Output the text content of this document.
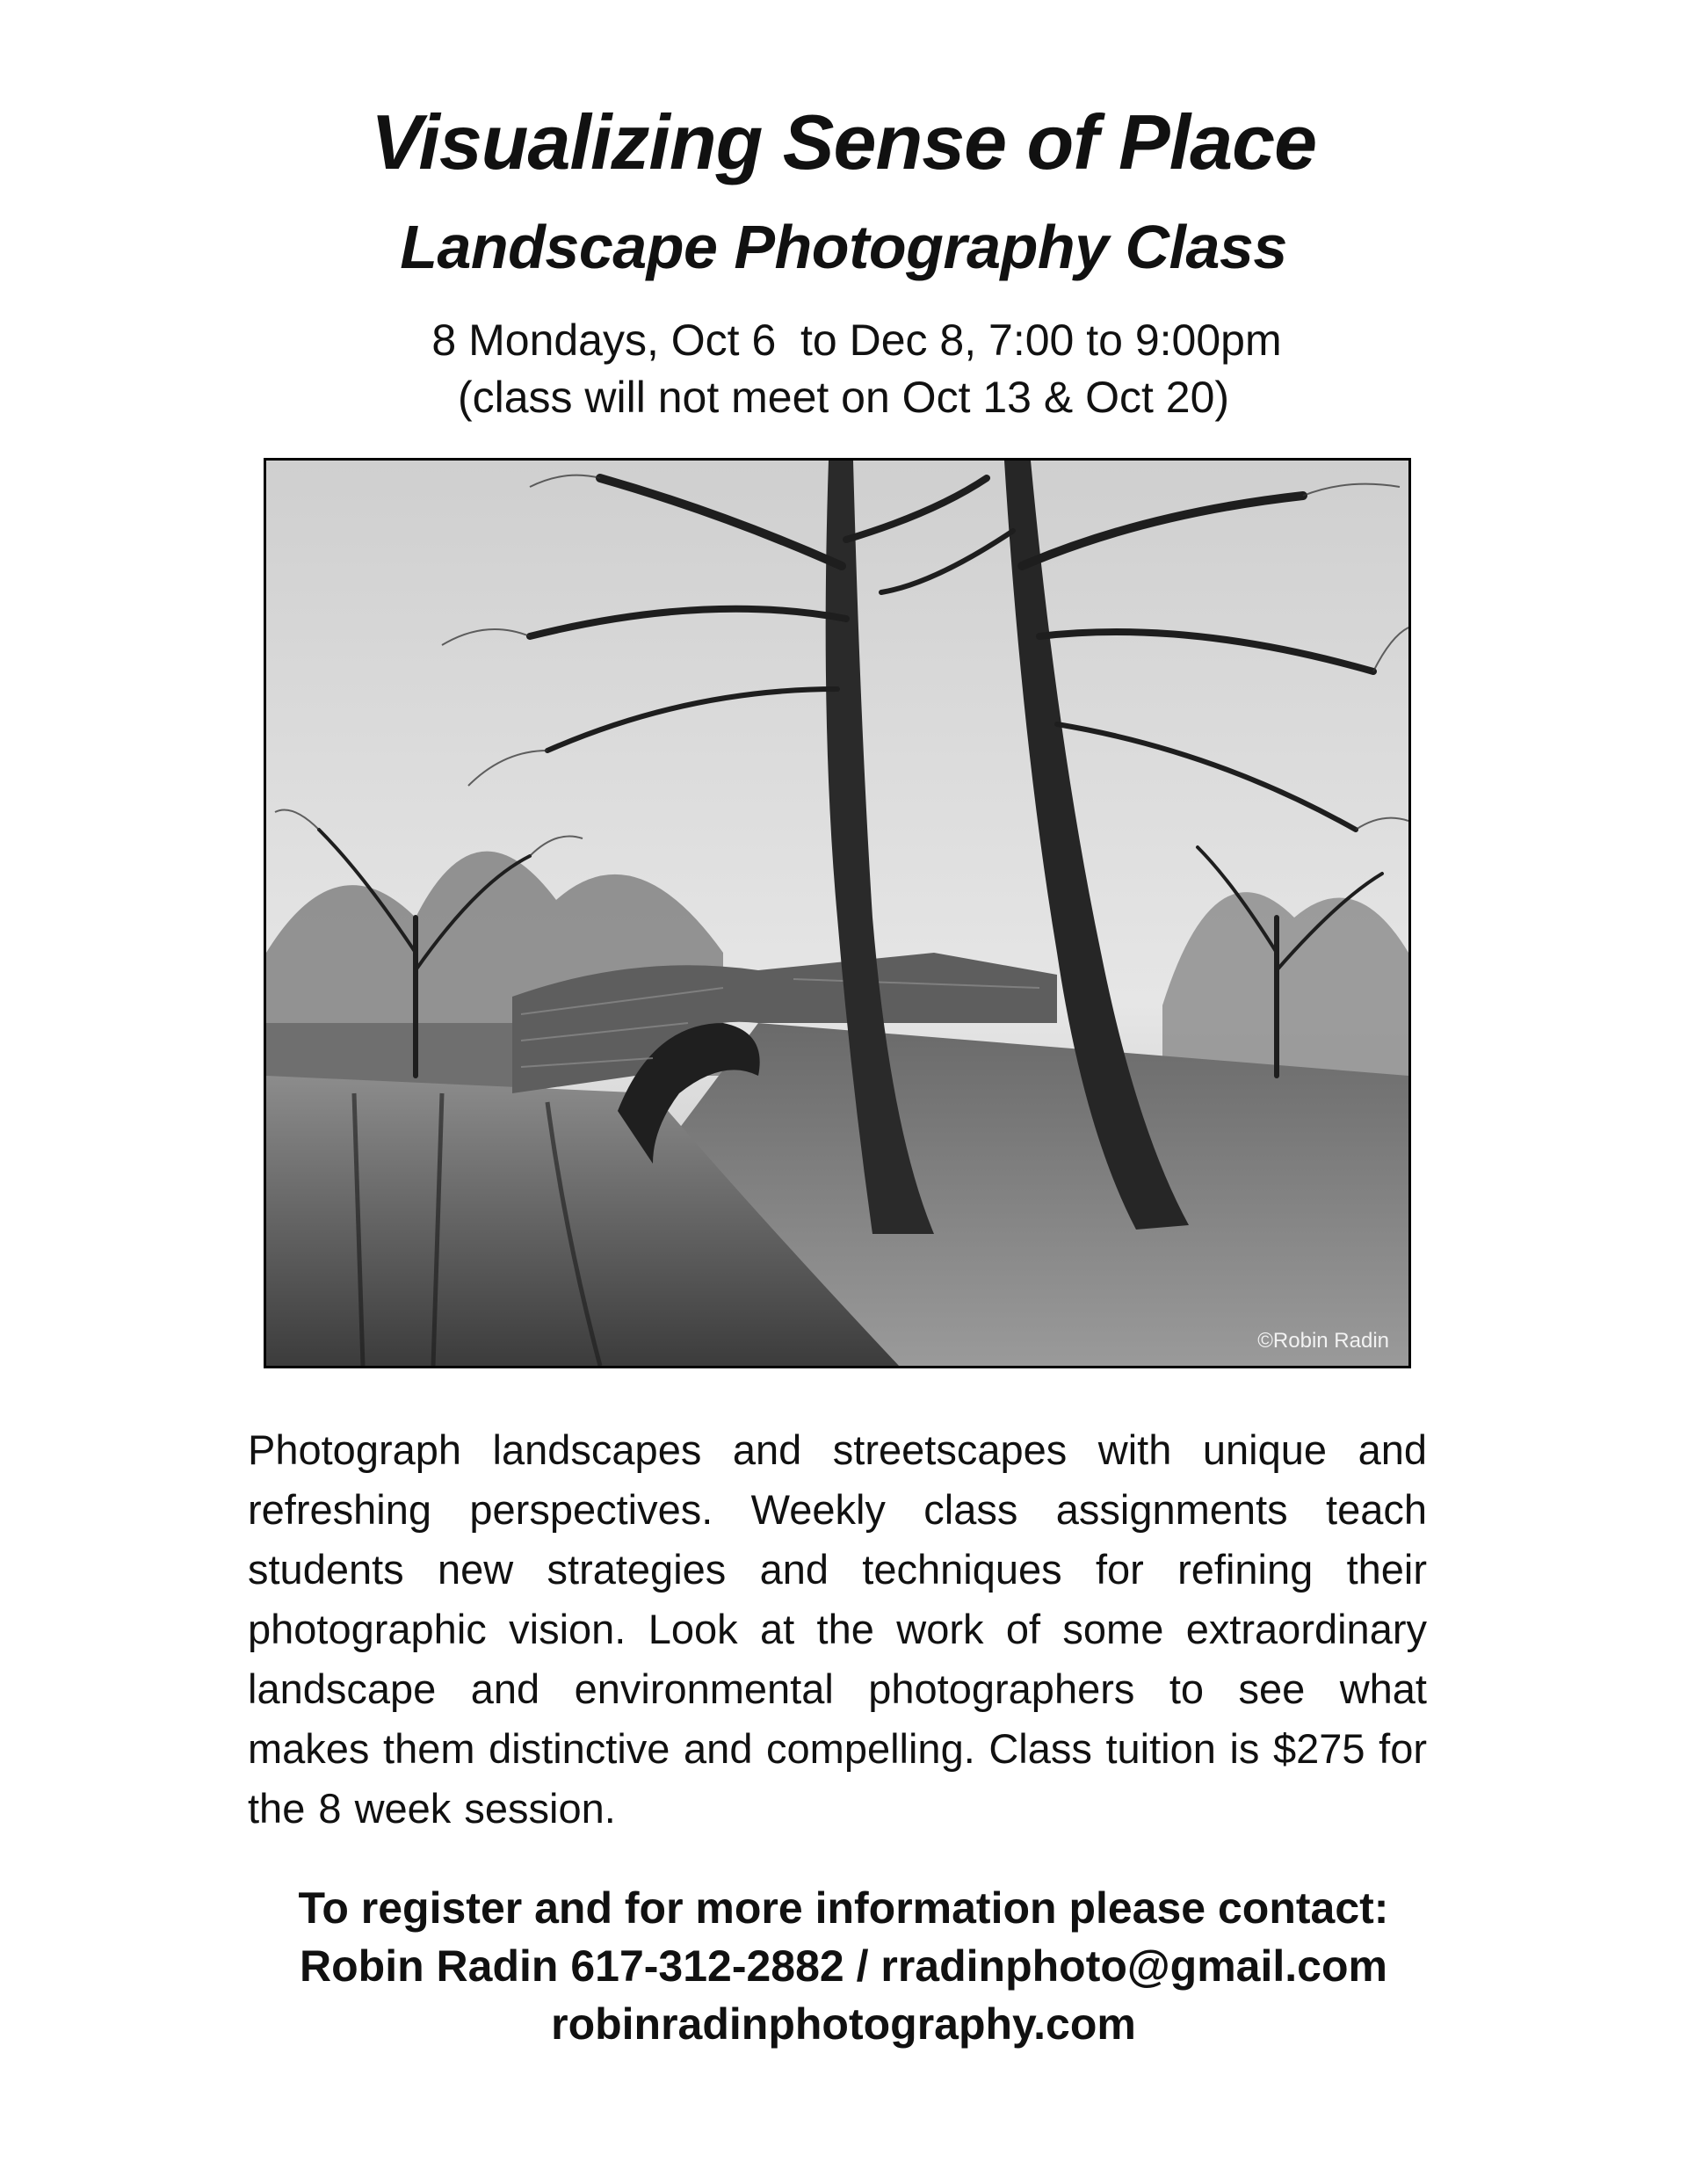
Visualizing Sense of Place
Landscape Photography Class

8 Mondays, Oct 6  to Dec 8, 7:00 to 9:00pm

(class will not meet on Oct 13 & Oct 20)

©Robin Radin

Photograph landscapes and streetscapes with unique and refreshing perspectives. Weekly class assignments teach students new strategies and techniques for refining their photographic vision. Look at the work of some extraordinary landscape and environmental photographers to see what makes them distinctive and compelling. Class tuition is $275 for the 8 week session.

To register and for more information please contact:
Robin Radin 617-312-2882 / rradinphoto@gmail.com
robinradinphotography.com
